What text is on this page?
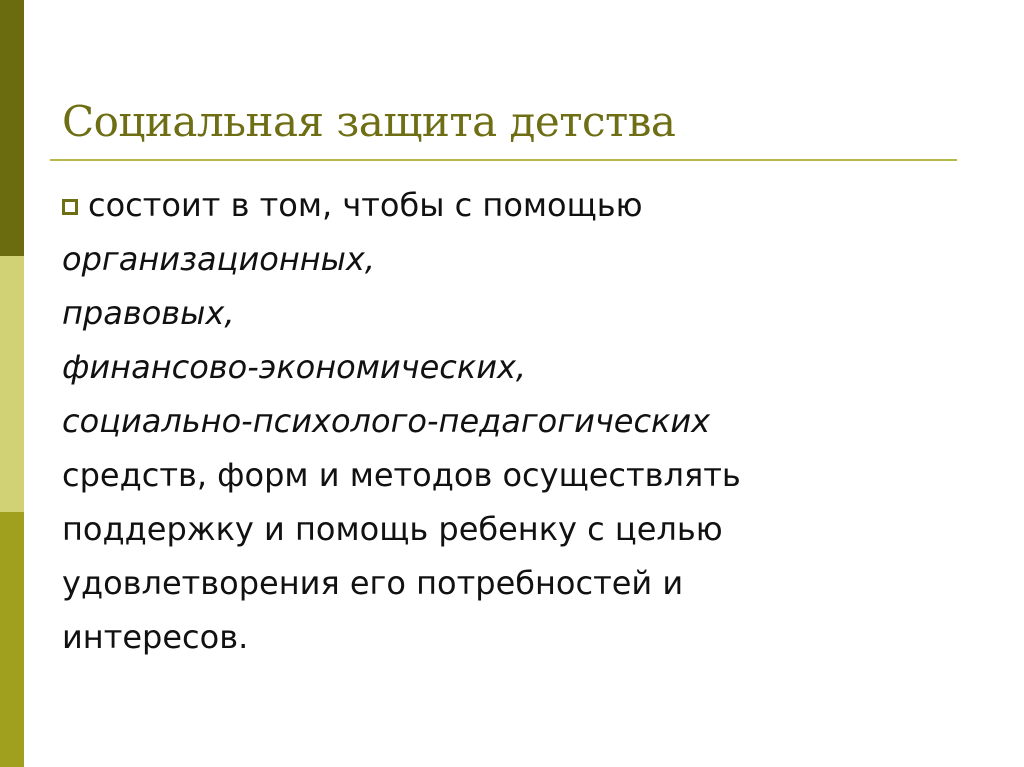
Социальная защита детства
состоит в том, чтобы с помощью

организационных,

правовых,

финансово-экономических,

социально-психолого-педагогических

средств, форм и методов осуществлять

поддержку и помощь ребенку с целью

удовлетворения его потребностей и

интересов.
